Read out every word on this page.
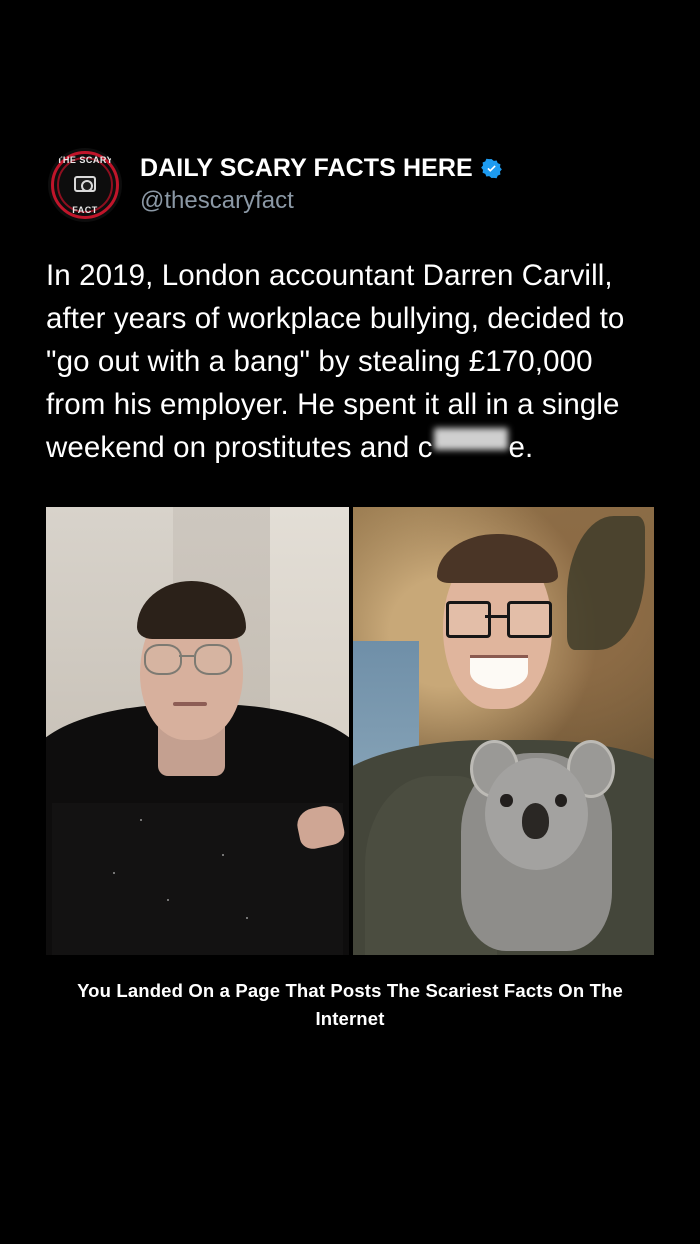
THE SCARY
FACT
DAILY SCARY FACTS HERE
@thescaryfact
In 2019, London accountant Darren Carvill, after years of workplace bullying, decided to "go out with a bang" by stealing £170,000 from his employer. He spent it all in a single weekend on prostitutes and c	e.
You Landed On a Page That Posts The Scariest Facts On The Internet
